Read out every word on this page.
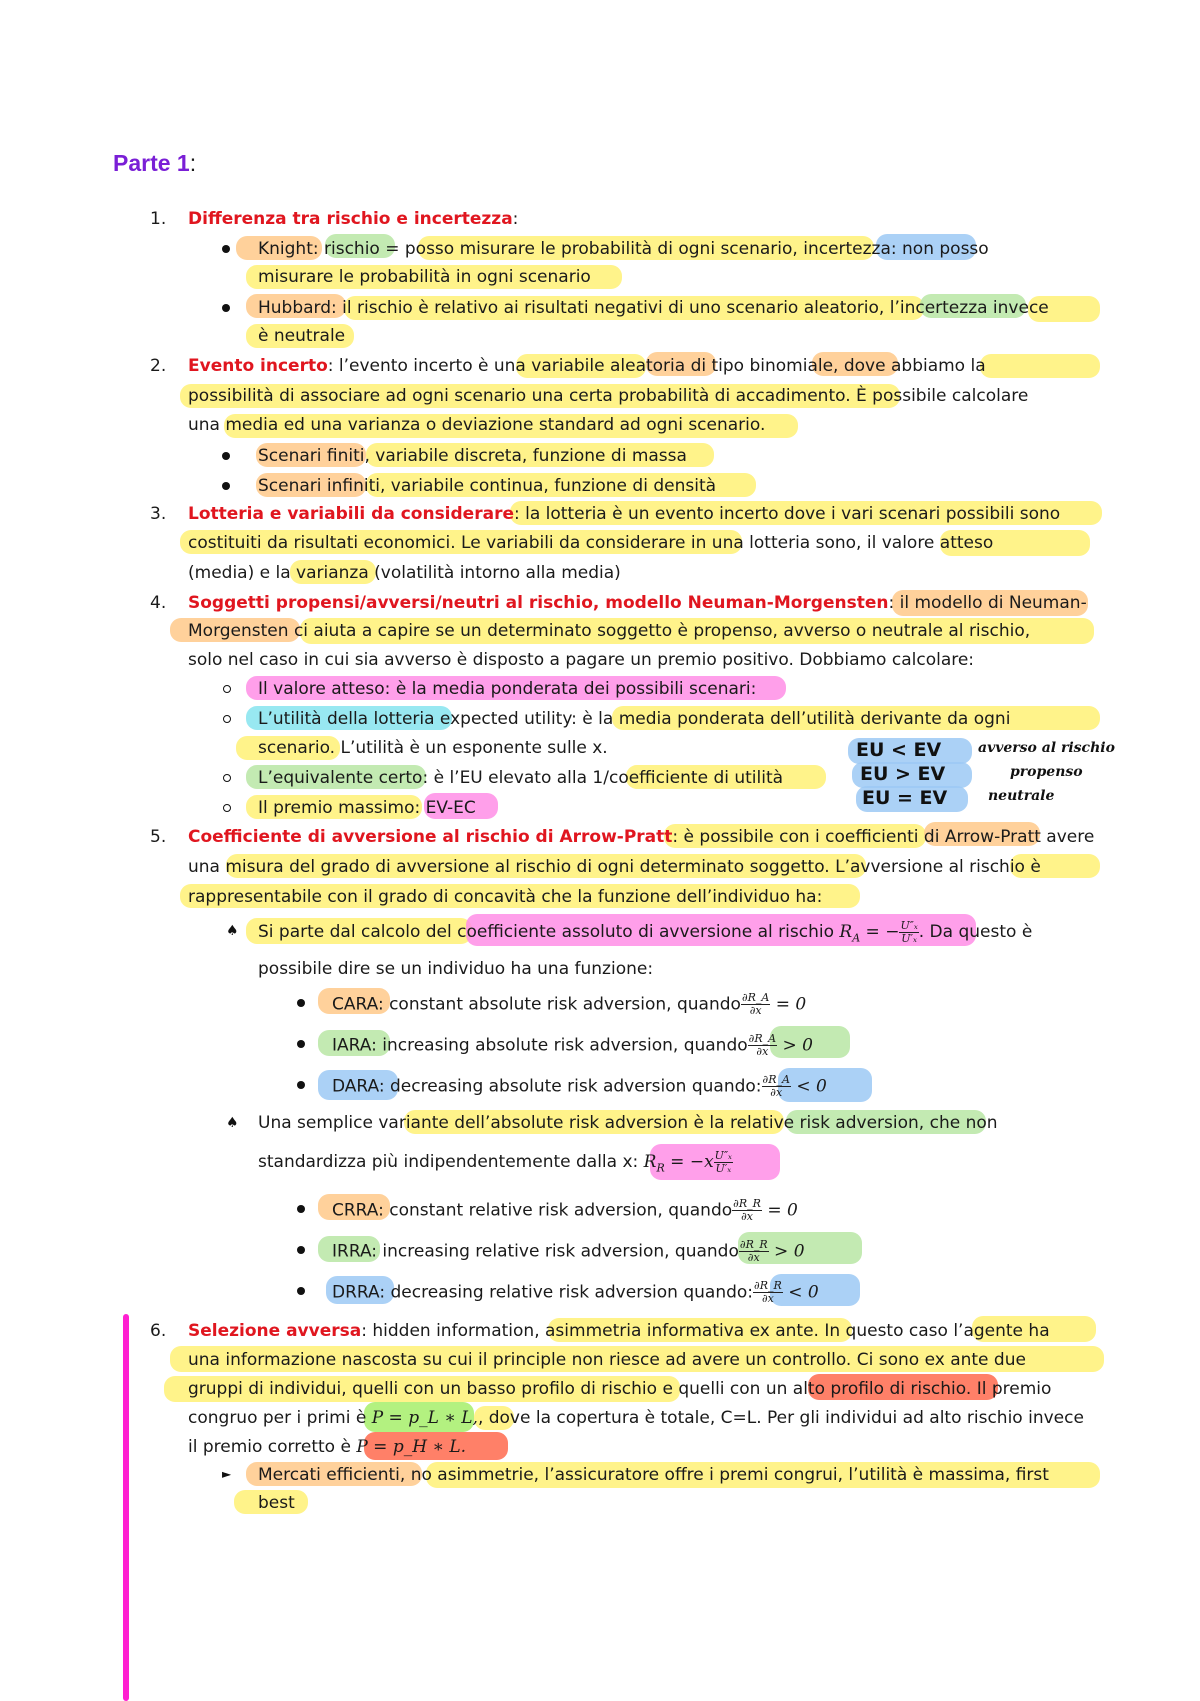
Parte 1:
1. Differenza tra rischio e incertezza:
Knight: rischio = posso misurare le probabilità di ogni scenario, incertezza: non posso
misurare le probabilità in ogni scenario
Hubbard: il rischio è relativo ai risultati negativi di uno scenario aleatorio, l’incertezza invece
è neutrale
2. Evento incerto: l’evento incerto è una variabile aleatoria di tipo binomiale, dove abbiamo la
possibilità di associare ad ogni scenario una certa probabilità di accadimento. È possibile calcolare
una media ed una varianza o deviazione standard ad ogni scenario.
Scenari finiti, variabile discreta, funzione di massa
Scenari infiniti, variabile continua, funzione di densità
3. Lotteria e variabili da considerare: la lotteria è un evento incerto dove i vari scenari possibili sono
costituiti da risultati economici. Le variabili da considerare in una lotteria sono, il valore atteso
(media) e la varianza (volatilità intorno alla media)
4. Soggetti propensi/avversi/neutri al rischio, modello Neuman-Morgensten: il modello di Neuman-
Morgensten ci aiuta a capire se un determinato soggetto è propenso, avverso o neutrale al rischio,
solo nel caso in cui sia avverso è disposto a pagare un premio positivo. Dobbiamo calcolare:
Il valore atteso: è la media ponderata dei possibili scenari:
L’utilità della lotteria expected utility: è la media ponderata dell’utilità derivante da ogni
scenario. L’utilità è un esponente sulle x.
L’equivalente certo: è l’EU elevato alla 1/coefficiente di utilità
Il premio massimo: EV-EC
EU < EV
EU > EV
EU = EV
avverso al rischio
propenso
neutrale
5. Coefficiente di avversione al rischio di Arrow-Pratt: è possibile con i coefficienti di Arrow-Pratt avere
una misura del grado di avversione al rischio di ogni determinato soggetto. L’avversione al rischio è
rappresentabile con il grado di concavità che la funzione dell’individuo ha:
♠ Si parte dal calcolo del coefficiente assoluto di avversione al rischio $R_A$ = − $\frac{\text{U″ₓ}}{\text{U′ₓ}}$ . Da questo è
possibile dire se un individuo ha una funzione:
CARA: constant absolute risk adversion, quando $\frac{\partial R\_A}{\partial x} = 0$
IARA: increasing absolute risk adversion, quando $\frac{\partial R\_A}{\partial x} > 0$
DARA: decreasing absolute risk adversion quando: $\frac{\partial R\_A}{\partial x} < 0$
♠ Una semplice variante dell’absolute risk adversion è la relative risk adversion, che non
standardizza più indipendentemente dalla x: $R_R = -x \frac{\text{U″ₓ}}{\text{U′ₓ}}$
CRRA: constant relative risk adversion, quando $\frac{\partial R\_R}{\partial x} = 0$
IRRA: increasing relative risk adversion, quando $\frac{\partial R\_R}{\partial x} > 0$
DRRA: decreasing relative risk adversion quando: $\frac{\partial R\_R}{\partial x} < 0$
6. Selezione avversa: hidden information, asimmetria informativa ex ante. In questo caso l’agente ha
una informazione nascosta su cui il principle non riesce ad avere un controllo. Ci sono ex ante due
gruppi di individui, quelli con un basso profilo di rischio e quelli con un alto profilo di rischio. Il premio
congruo per i primi è P = p_L ∗ L,, dove la copertura è totale, C=L. Per gli individui ad alto rischio invece
il premio corretto è P = p_H ∗ L.
► Mercati efficienti, no asimmetrie, l’assicuratore offre i premi congrui, l’utilità è massima, first
best
